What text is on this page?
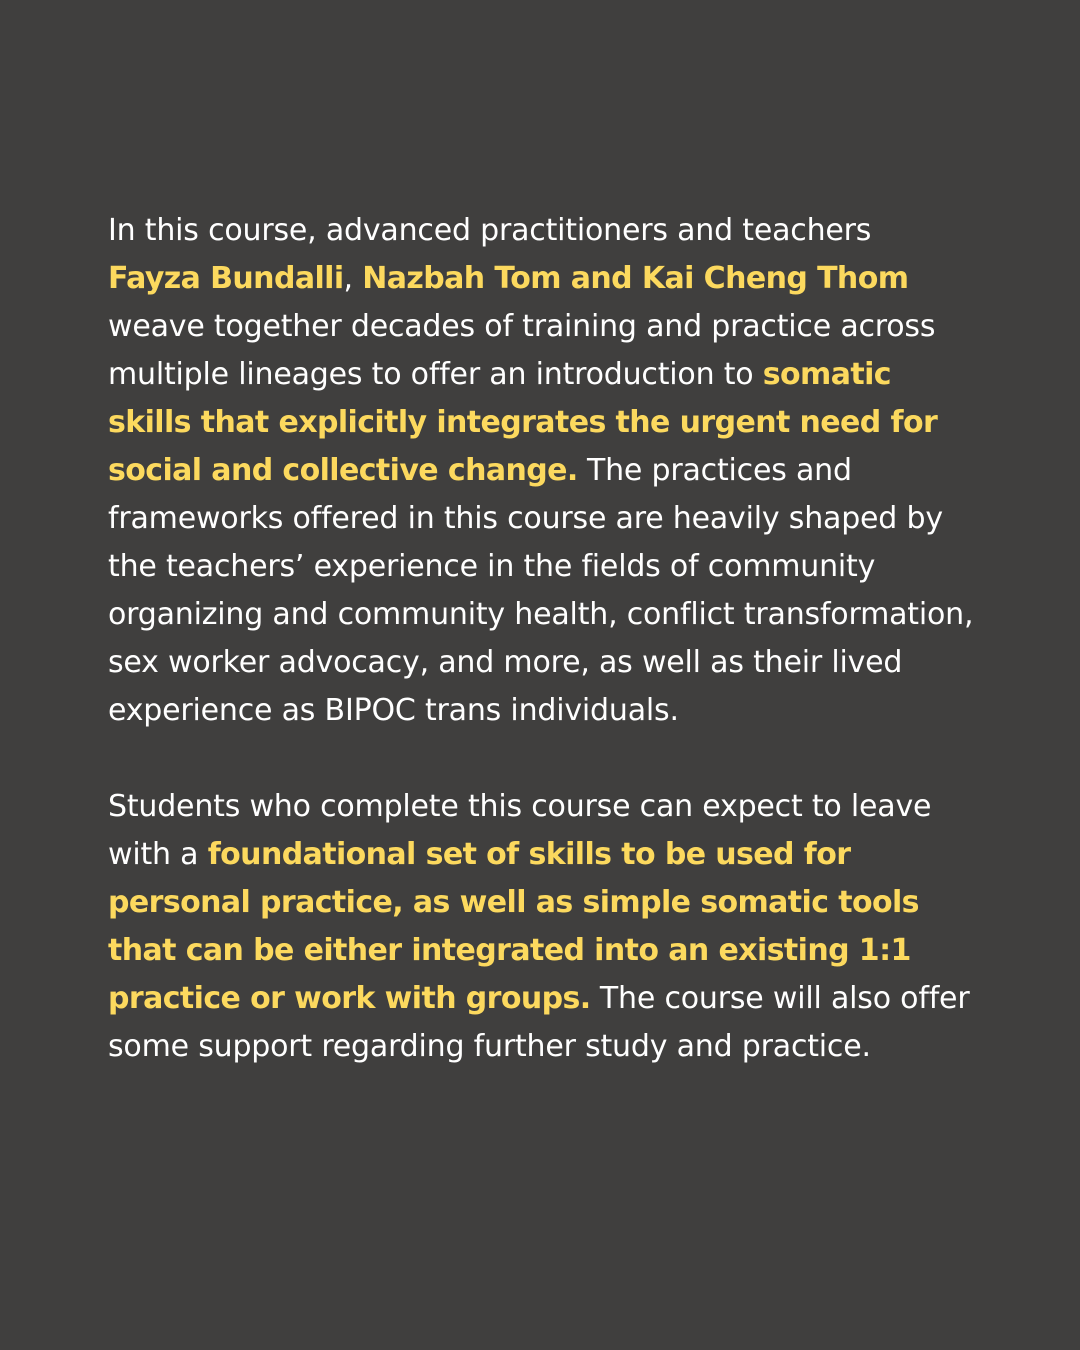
In this course, advanced practitioners and teachers
Fayza Bundalli, Nazbah Tom and Kai Cheng Thom
weave together decades of training and practice across
multiple lineages to offer an introduction to somatic
skills that explicitly integrates the urgent need for
social and collective change. The practices and
frameworks offered in this course are heavily shaped by
the teachers’ experience in the fields of community
organizing and community health, conflict transformation,
sex worker advocacy, and more, as well as their lived
experience as BIPOC trans individuals.

Students who complete this course can expect to leave
with a foundational set of skills to be used for
personal practice, as well as simple somatic tools
that can be either integrated into an existing 1:1
practice or work with groups. The course will also offer
some support regarding further study and practice.
